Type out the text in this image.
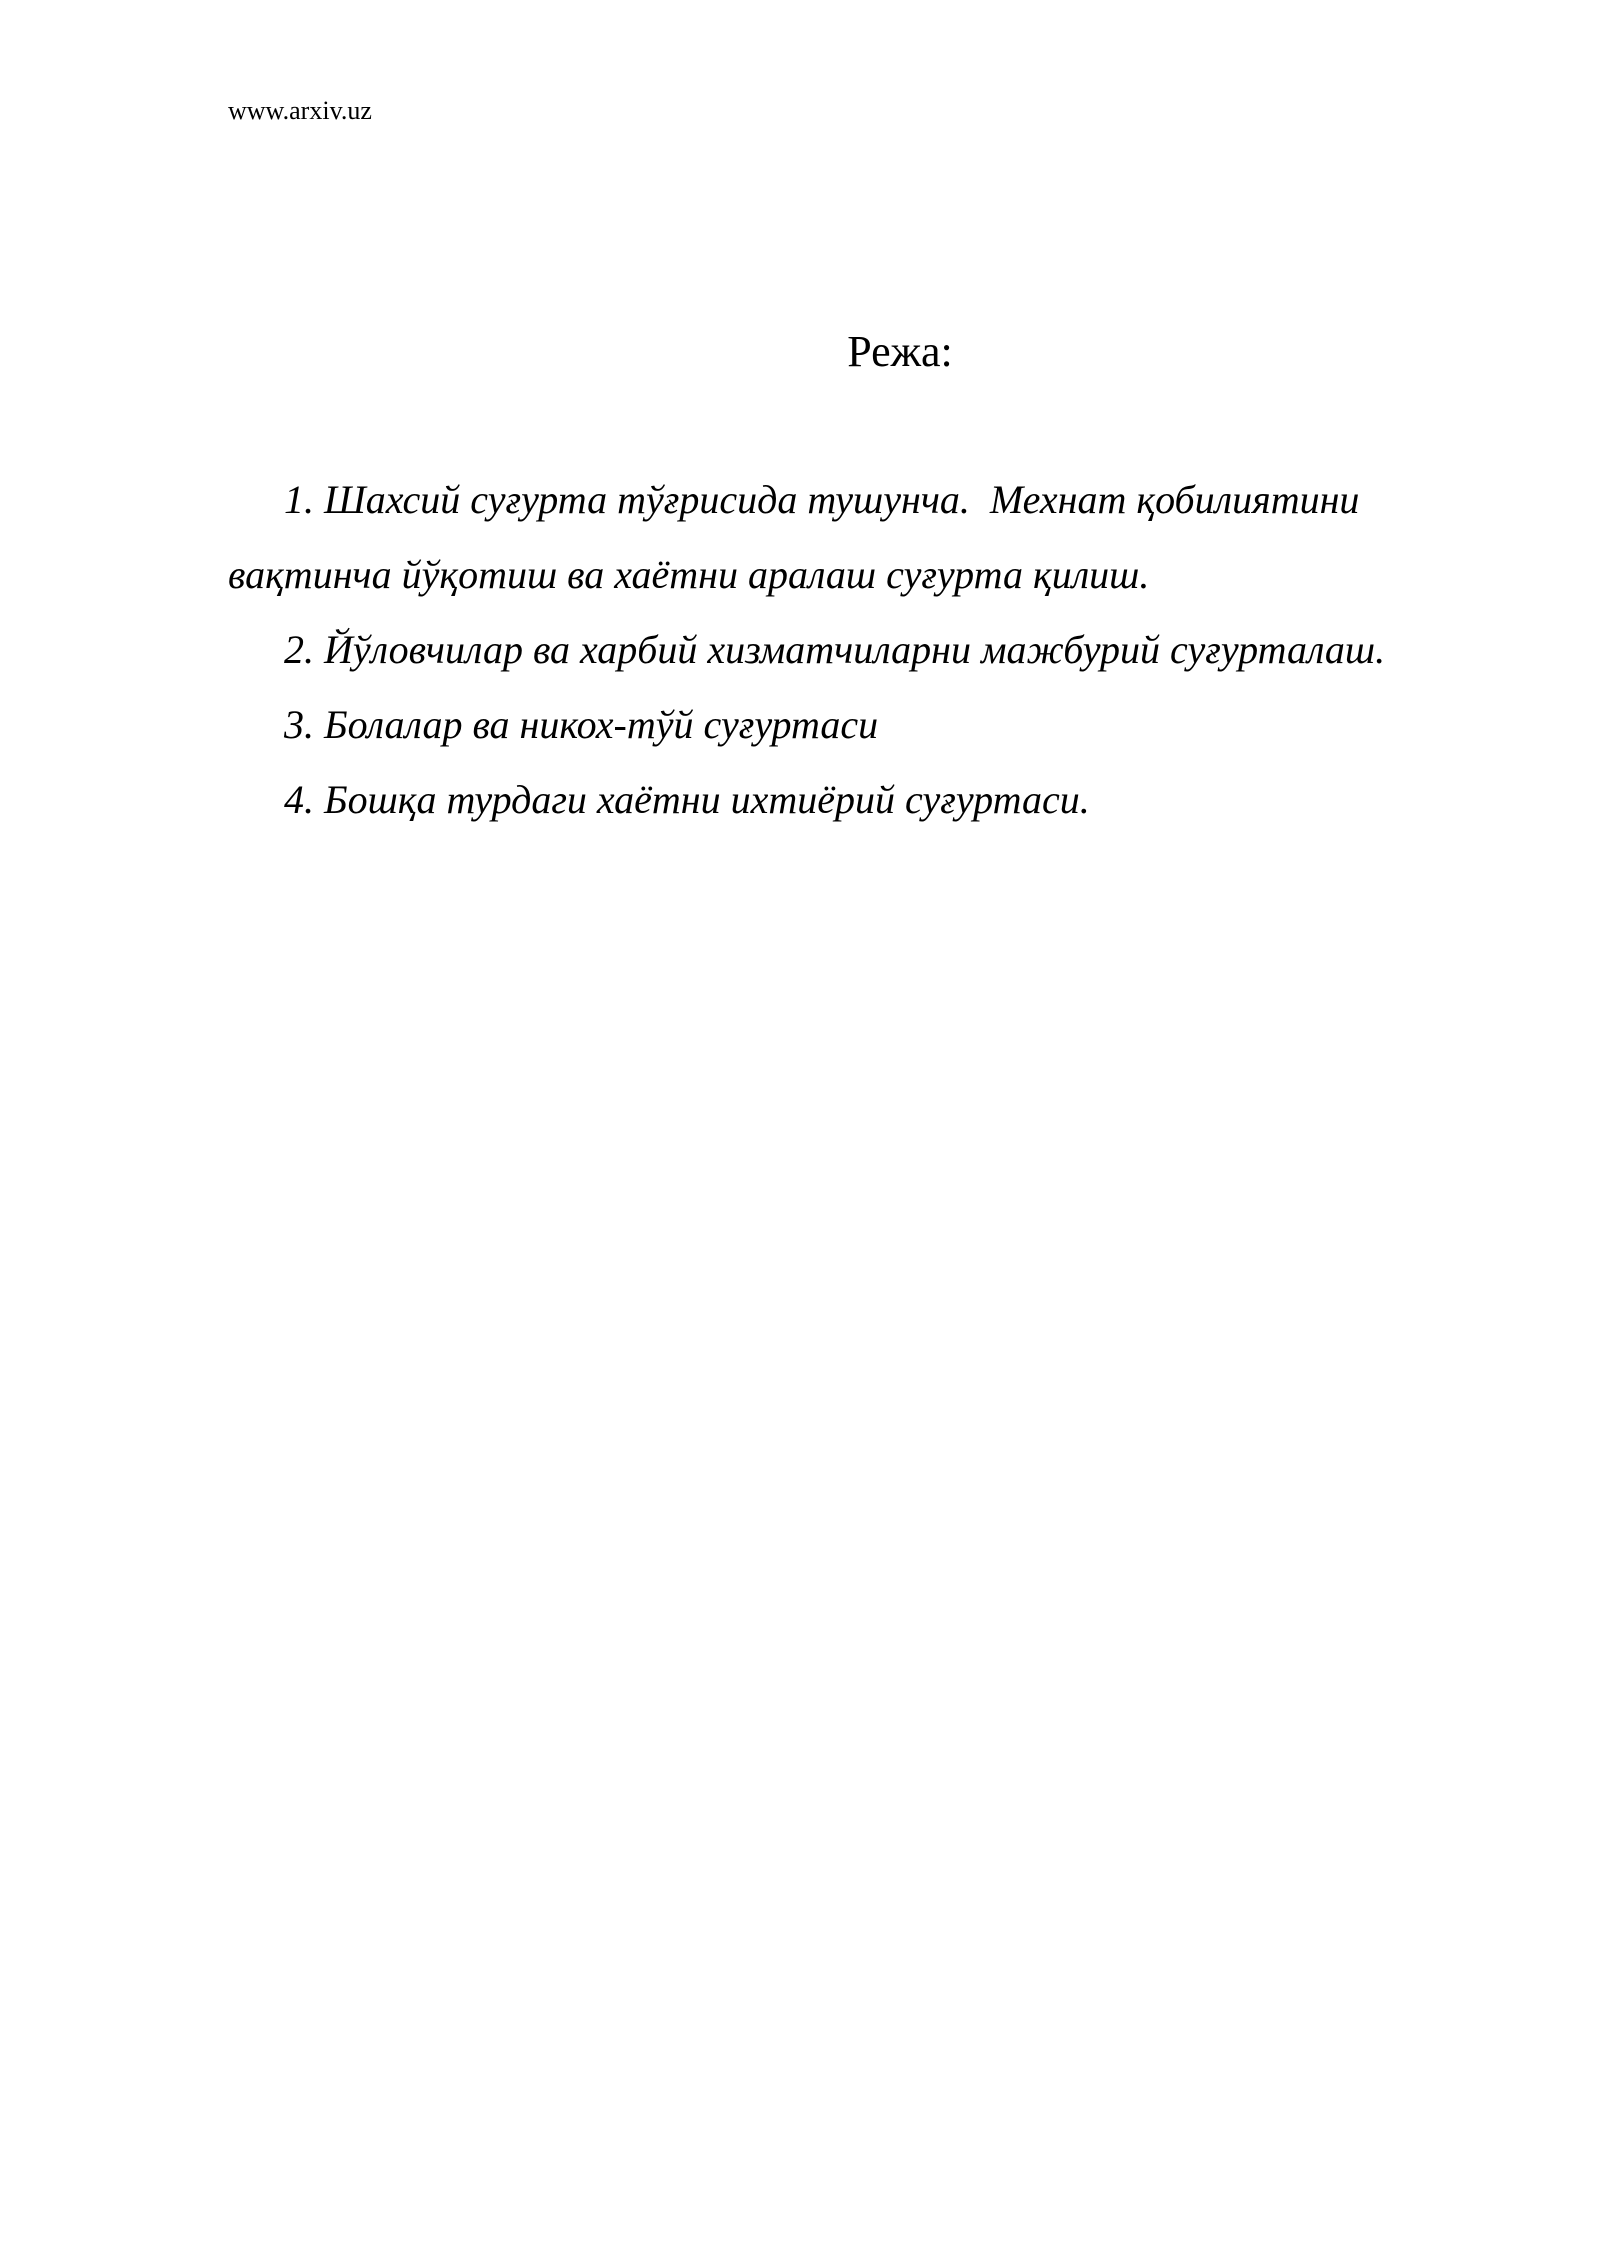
www.arxiv.uz
Режа:
1. Шахсий суғурта тўғрисида тушунча.  Мехнат қобилиятини вақтинча йўқотиш ва хаётни аралаш суғурта қилиш.
2. Йўловчилар ва харбий хизматчиларни мажбурий суғурталаш.
3. Болалар ва никох-тўй суғуртаси
4. Бошқа турдаги хаётни ихтиёрий суғуртаси.
